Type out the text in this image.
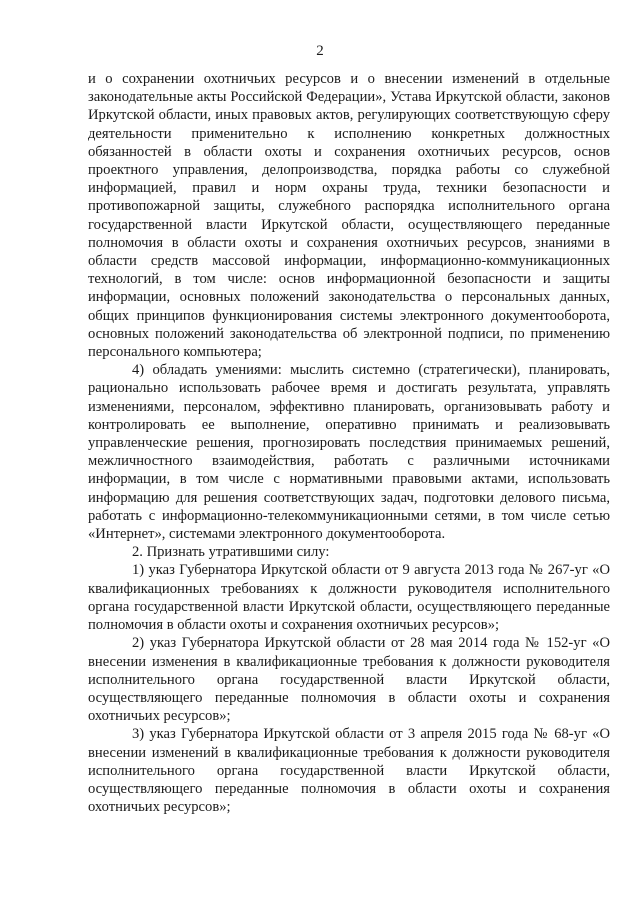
2

и о сохранении охотничьих ресурсов и о внесении изменений в отдельные законодательные акты Российской Федерации», Устава Иркутской области, законов Иркутской области, иных правовых актов, регулирующих соответствующую сферу деятельности применительно к исполнению конкретных должностных обязанностей в области охоты и сохранения охотничьих ресурсов, основ проектного управления, делопроизводства, порядка работы со служебной информацией, правил и норм охраны труда, техники безопасности и противопожарной защиты, служебного распорядка исполнительного органа государственной власти Иркутской области, осуществляющего переданные полномочия в области охоты и сохранения охотничьих ресурсов, знаниями в области средств массовой информации, информационно-коммуникационных технологий, в том числе: основ информационной безопасности и защиты информации, основных положений законодательства о персональных данных, общих принципов функционирования системы электронного документооборота, основных положений законодательства об электронной подписи, по применению персонального компьютера;

4) обладать умениями: мыслить системно (стратегически), планировать, рационально использовать рабочее время и достигать результата, управлять изменениями, персоналом, эффективно планировать, организовывать работу и контролировать ее выполнение, оперативно принимать и реализовывать управленческие решения, прогнозировать последствия принимаемых решений, межличностного взаимодействия, работать с различными источниками информации, в том числе с нормативными правовыми актами, использовать информацию для решения соответствующих задач, подготовки делового письма, работать с информационно-телекоммуникационными сетями, в том числе сетью «Интернет», системами электронного документооборота.

2. Признать утратившими силу:

1) указ Губернатора Иркутской области от 9 августа 2013 года № 267-уг «О квалификационных требованиях к должности руководителя исполнительного органа государственной власти Иркутской области, осуществляющего переданные полномочия в области охоты и сохранения охотничьих ресурсов»;

2) указ Губернатора Иркутской области от 28 мая 2014 года № 152-уг «О внесении изменения в квалификационные требования к должности руководителя исполнительного органа государственной власти Иркутской области, осуществляющего переданные полномочия в области охоты и сохранения охотничьих ресурсов»;

3) указ Губернатора Иркутской области от 3 апреля 2015 года № 68-уг «О внесении изменений в квалификационные требования к должности руководителя исполнительного органа государственной власти Иркутской области, осуществляющего переданные полномочия в области охоты и сохранения охотничьих ресурсов»;
